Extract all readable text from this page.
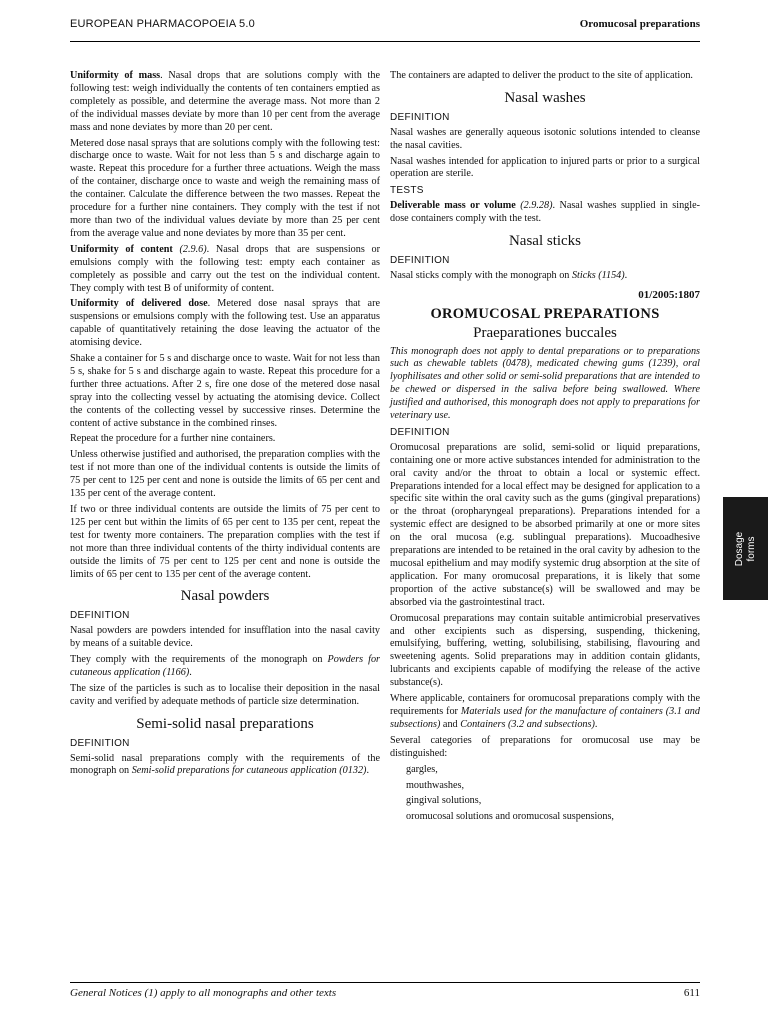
EUROPEAN PHARMACOPOEIA 5.0	Oromucosal preparations

Uniformity of mass. Nasal drops that are solutions comply with the following test: weigh individually the contents of ten containers emptied as completely as possible, and determine the average mass. Not more than 2 of the individual masses deviate by more than 10 per cent from the average mass and none deviates by more than 20 per cent.

Metered dose nasal sprays that are solutions comply with the following test: discharge once to waste. Wait for not less than 5 s and discharge again to waste. Repeat this procedure for a further three actuations. Weigh the mass of the container, discharge once to waste and weigh the remaining mass of the container. Calculate the difference between the two masses. Repeat the procedure for a further nine containers. They comply with the test if not more than two of the individual values deviate by more than 25 per cent from the average value and none deviates by more than 35 per cent.

Uniformity of content (2.9.6). Nasal drops that are suspensions or emulsions comply with the following test: empty each container as completely as possible and carry out the test on the individual content. They comply with test B of uniformity of content.

Uniformity of delivered dose. Metered dose nasal sprays that are suspensions or emulsions comply with the following test. Use an apparatus capable of quantitatively retaining the dose leaving the actuator of the atomising device.

Shake a container for 5 s and discharge once to waste. Wait for not less than 5 s, shake for 5 s and discharge again to waste. Repeat this procedure for a further three actuations. After 2 s, fire one dose of the metered dose nasal spray into the collecting vessel by actuating the atomising device. Collect the contents of the collecting vessel by successive rinses. Determine the content of active substance in the combined rinses.

Repeat the procedure for a further nine containers.

Unless otherwise justified and authorised, the preparation complies with the test if not more than one of the individual contents is outside the limits of 75 per cent to 125 per cent and none is outside the limits of 65 per cent and 135 per cent of the average content.

If two or three individual contents are outside the limits of 75 per cent to 125 per cent but within the limits of 65 per cent to 135 per cent, repeat the test for twenty more containers. The preparation complies with the test if not more than three individual contents of the thirty individual contents are outside the limits of 75 per cent to 125 per cent and none is outside the limits of 65 per cent to 135 per cent of the average content.

Nasal powders
DEFINITION

Nasal powders are powders intended for insufflation into the nasal cavity by means of a suitable device.

They comply with the requirements of the monograph on Powders for cutaneous application (1166).

The size of the particles is such as to localise their deposition in the nasal cavity and verified by adequate methods of particle size determination.

Semi-solid nasal preparations
DEFINITION

Semi-solid nasal preparations comply with the requirements of the monograph on Semi-solid preparations for cutaneous application (0132).

The containers are adapted to deliver the product to the site of application.

Nasal washes
DEFINITION

Nasal washes are generally aqueous isotonic solutions intended to cleanse the nasal cavities.

Nasal washes intended for application to injured parts or prior to a surgical operation are sterile.

TESTS

Deliverable mass or volume (2.9.28). Nasal washes supplied in single-dose containers comply with the test.

Nasal sticks
DEFINITION

Nasal sticks comply with the monograph on Sticks (1154).

01/2005:1807
OROMUCOSAL PREPARATIONS
Praeparationes buccales

This monograph does not apply to dental preparations or to preparations such as chewable tablets (0478), medicated chewing gums (1239), oral lyophilisates and other solid or semi-solid preparations that are intended to be chewed or dispersed in the saliva before being swallowed. Where justified and authorised, this monograph does not apply to preparations for veterinary use.

DEFINITION

Oromucosal preparations are solid, semi-solid or liquid preparations, containing one or more active substances intended for administration to the oral cavity and/or the throat to obtain a local or systemic effect. Preparations intended for a local effect may be designed for application to a specific site within the oral cavity such as the gums (gingival preparations) or the throat (oropharyngeal preparations). Preparations intended for a systemic effect are designed to be absorbed primarily at one or more sites on the oral mucosa (e.g. sublingual preparations). Mucoadhesive preparations are intended to be retained in the oral cavity by adhesion to the mucosal epithelium and may modify systemic drug absorption at the site of application. For many oromucosal preparations, it is likely that some proportion of the active substance(s) will be swallowed and may be absorbed via the gastrointestinal tract.

Oromucosal preparations may contain suitable antimicrobial preservatives and other excipients such as dispersing, suspending, thickening, emulsifying, buffering, wetting, solubilising, stabilising, flavouring and sweetening agents. Solid preparations may in addition contain glidants, lubricants and excipients capable of modifying the release of the active substance(s).

Where applicable, containers for oromucosal preparations comply with the requirements for Materials used for the manufacture of containers (3.1 and subsections) and Containers (3.2 and subsections).

Several categories of preparations for oromucosal use may be distinguished:

gargles,
mouthwashes,
gingival solutions,
oromucosal solutions and oromucosal suspensions,
Dosage forms
General Notices (1) apply to all monographs and other texts	611
